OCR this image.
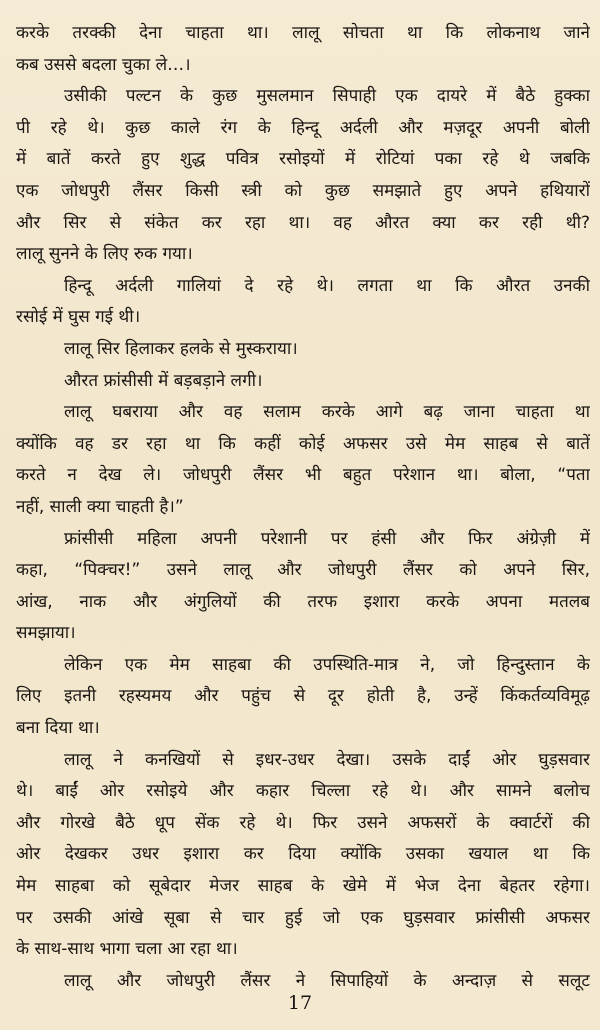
करके तरक्की देना चाहता था। लालू सोचता था कि लोकनाथ जाने
कब उससे बदला चुका ले…।
उसीकी पल्टन के कुछ मुसलमान सिपाही एक दायरे में बैठे हुक्का
पी रहे थे। कुछ काले रंग के हिन्दू अर्दली और मज़दूर अपनी बोली
में बातें करते हुए शुद्ध पवित्र रसोइयों में रोटियां पका रहे थे जबकि
एक जोधपुरी लैंसर किसी स्त्री को कुछ समझाते हुए अपने हथियारों
और सिर से संकेत कर रहा था। वह औरत क्या कर रही थी?
लालू सुनने के लिए रुक गया।
हिन्दू अर्दली गालियां दे रहे थे। लगता था कि औरत उनकी
रसोई में घुस गई थी।
लालू सिर हिलाकर हलके से मुस्कराया।
औरत फ्रांसीसी में बड़बड़ाने लगी।
लालू घबराया और वह सलाम करके आगे बढ़ जाना चाहता था
क्योंकि वह डर रहा था कि कहीं कोई अफसर उसे मेम साहब से बातें
करते न देख ले। जोधपुरी लैंसर भी बहुत परेशान था। बोला, “पता
नहीं, साली क्या चाहती है।”
फ्रांसीसी महिला अपनी परेशानी पर हंसी और फिर अंग्रेज़ी में
कहा, “पिक्चर!” उसने लालू और जोधपुरी लैंसर को अपने सिर,
आंख, नाक और अंगुलियों की तरफ इशारा करके अपना मतलब
समझाया।
लेकिन एक मेम साहबा की उपस्थिति-मात्र ने, जो हिन्दुस्तान के
लिए इतनी रहस्यमय और पहुंच से दूर होती है, उन्हें किंकर्तव्यविमूढ़
बना दिया था।
लालू ने कनखियों से इधर-उधर देखा। उसके दाईं ओर घुड़सवार
थे। बाईं ओर रसोइये और कहार चिल्ला रहे थे। और सामने बलोच
और गोरखे बैठे धूप सेंक रहे थे। फिर उसने अफसरों के क्वार्टरों की
ओर देखकर उधर इशारा कर दिया क्योंकि उसका खयाल था कि
मेम साहबा को सूबेदार मेजर साहब के खेमे में भेज देना बेहतर रहेगा।
पर उसकी आंखे सूबा से चार हुई जो एक घुड़सवार फ्रांसीसी अफसर
के साथ-साथ भागा चला आ रहा था।
लालू और जोधपुरी लैंसर ने सिपाहियों के अन्दाज़ से सलूट
17
